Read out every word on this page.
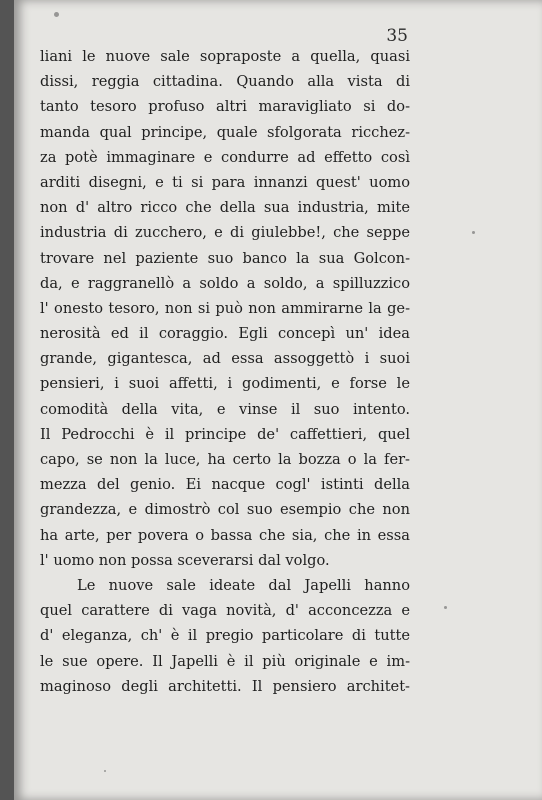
35

liani le nuove sale sopraposte a quella, quasi
dissi, reggia cittadina. Quando alla vista di
tanto tesoro profuso altri maravigliato si do-
manda qual principe, quale sfolgorata ricchez-
za potè immaginare e condurre ad effetto così
arditi disegni, e ti si para innanzi quest' uomo
non d' altro ricco che della sua industria, mite
industria di zucchero, e di giulebbe!, che seppe
trovare nel paziente suo banco la sua Golcon-
da, e raggranellò a soldo a soldo, a spilluzzico
l' onesto tesoro, non si può non ammirarne la ge-
nerosità ed il coraggio. Egli concepì un' idea
grande, gigantesca, ad essa assoggettò i suoi
pensieri, i suoi affetti, i godimenti, e forse le
comodità della vita, e vinse il suo intento.
Il Pedrocchi è il principe de' caffettieri, quel
capo, se non la luce, ha certo la bozza o la fer-
mezza del genio. Ei nacque cogl' istinti della
grandezza, e dimostrò col suo esempio che non
ha arte, per povera o bassa che sia, che in essa
l' uomo non possa sceverarsi dal volgo.
Le nuove sale ideate dal Japelli hanno
quel carattere di vaga novità, d' acconcezza e
d' eleganza, ch' è il pregio particolare di tutte
le sue opere. Il Japelli è il più originale e im-
maginoso degli architetti. Il pensiero architet-
